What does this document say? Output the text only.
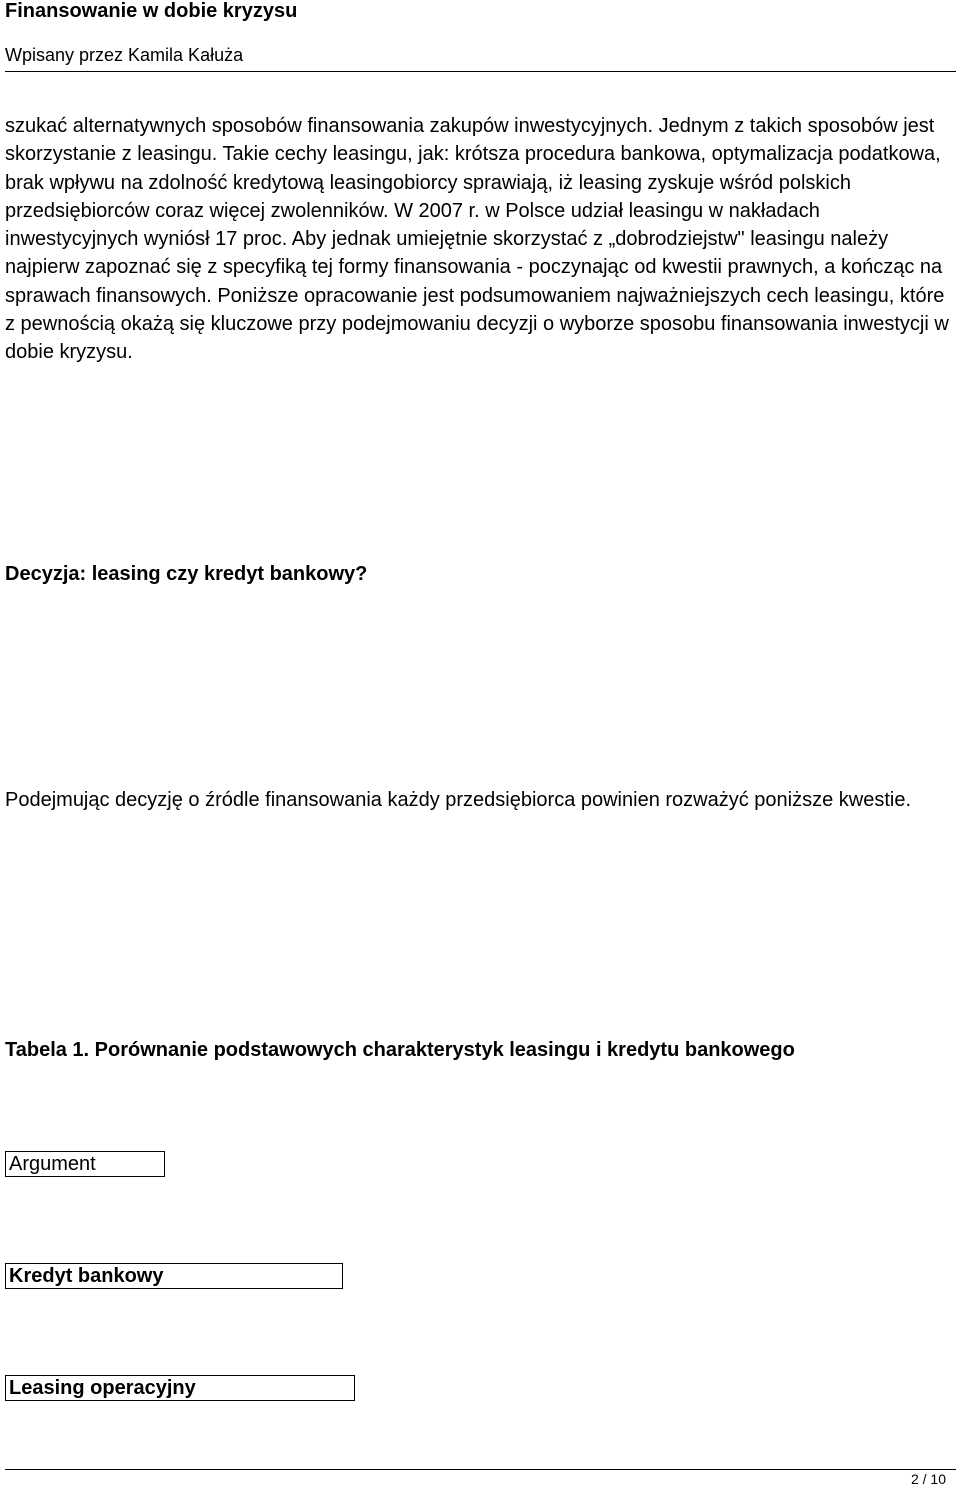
Finansowanie w dobie kryzysu
Wpisany przez Kamila Kałuża

szukać alternatywnych sposobów finansowania zakupów inwestycyjnych. Jednym z takich sposobów jest skorzystanie z leasingu. Takie cechy leasingu, jak: krótsza procedura bankowa, optymalizacja podatkowa, brak wpływu na zdolność kredytową leasingobiorcy sprawiają, iż leasing zyskuje wśród polskich przedsiębiorców coraz więcej zwolenników. W 2007 r. w Polsce udział leasingu w nakładach inwestycyjnych wyniósł 17 proc. Aby jednak umiejętnie skorzystać z „dobrodziejstw" leasingu należy najpierw zapoznać się z specyfiką tej formy finansowania - poczynając od kwestii prawnych, a kończąc na sprawach finansowych. Poniższe opracowanie jest podsumowaniem najważniejszych cech leasingu, które z pewnością okażą się kluczowe przy podejmowaniu decyzji o wyborze sposobu finansowania inwestycji w dobie kryzysu.

Decyzja: leasing czy kredyt bankowy?

Podejmując decyzję o źródle finansowania każdy przedsiębiorca powinien rozważyć poniższe kwestie.

Tabela 1. Porównanie podstawowych charakterystyk leasingu i kredytu bankowego
Argument
Kredyt bankowy
Leasing operacyjny
2 / 10
